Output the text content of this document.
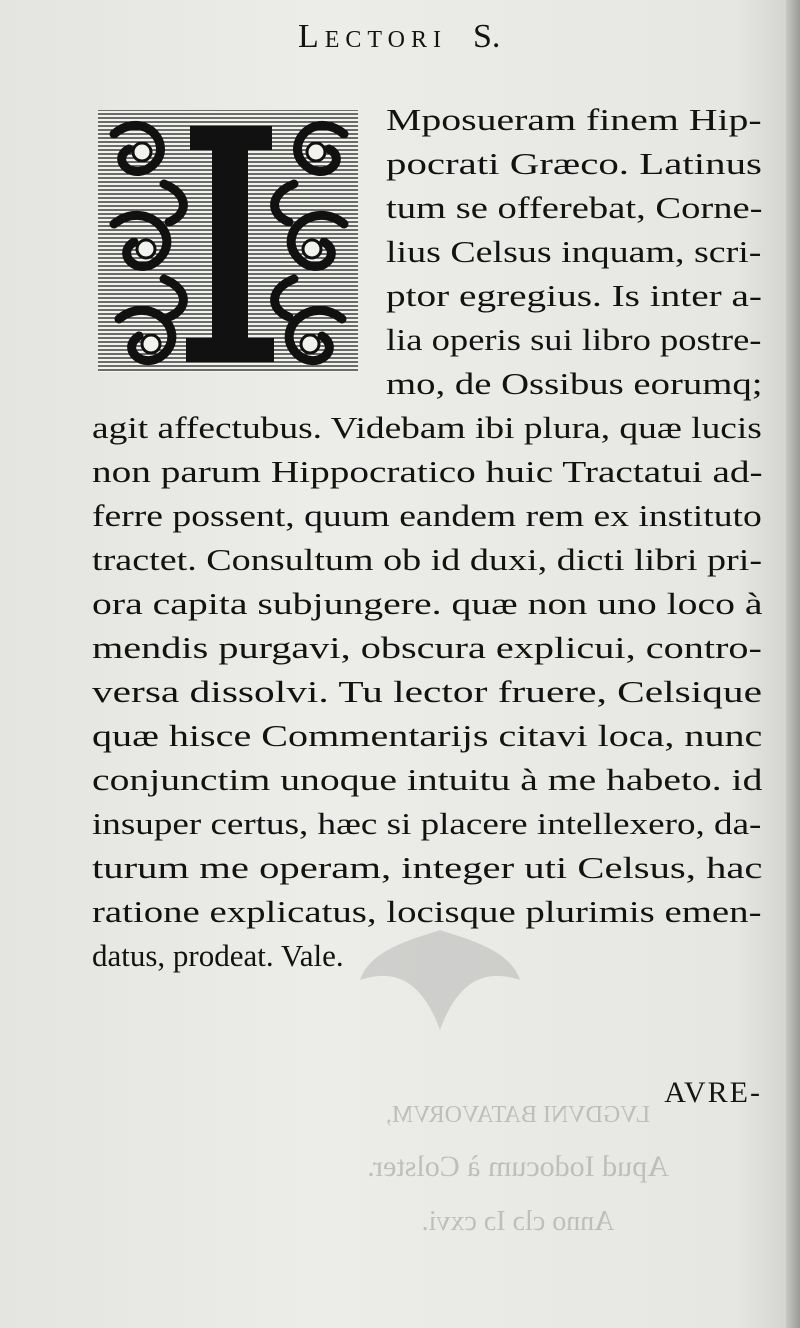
Lectori S.
Mposueram finem Hip-
pocrati Græco. Latinus
tum se offerebat, Corne-
lius Celsus inquam, scri-
ptor egregius. Is inter a-
lia operis sui libro postre-
mo, de Ossibus eorumq;
agit affectubus. Videbam ibi plura, quæ lucis
non parum Hippocratico huic Tractatui ad-
ferre possent, quum eandem rem ex instituto
tractet. Consultum ob id duxi, dicti libri pri-
ora capita subjungere. quæ non uno loco à
mendis purgavi, obscura explicui, contro-
versa dissolvi. Tu lector fruere, Celsique
quæ hisce Commentarijs citavi loca, nunc
conjunctim unoque intuitu à me habeto. id
insuper certus, hæc si placere intellexero, da-
turum me operam, integer uti Celsus, hac
ratione explicatus, locisque plurimis emen-
datus, prodeat. Vale.
AVRE-
LVGDVNI BATAVORVM,
Apud Iodocum à Colster.
Anno clɔ Iɔ cxvi.
